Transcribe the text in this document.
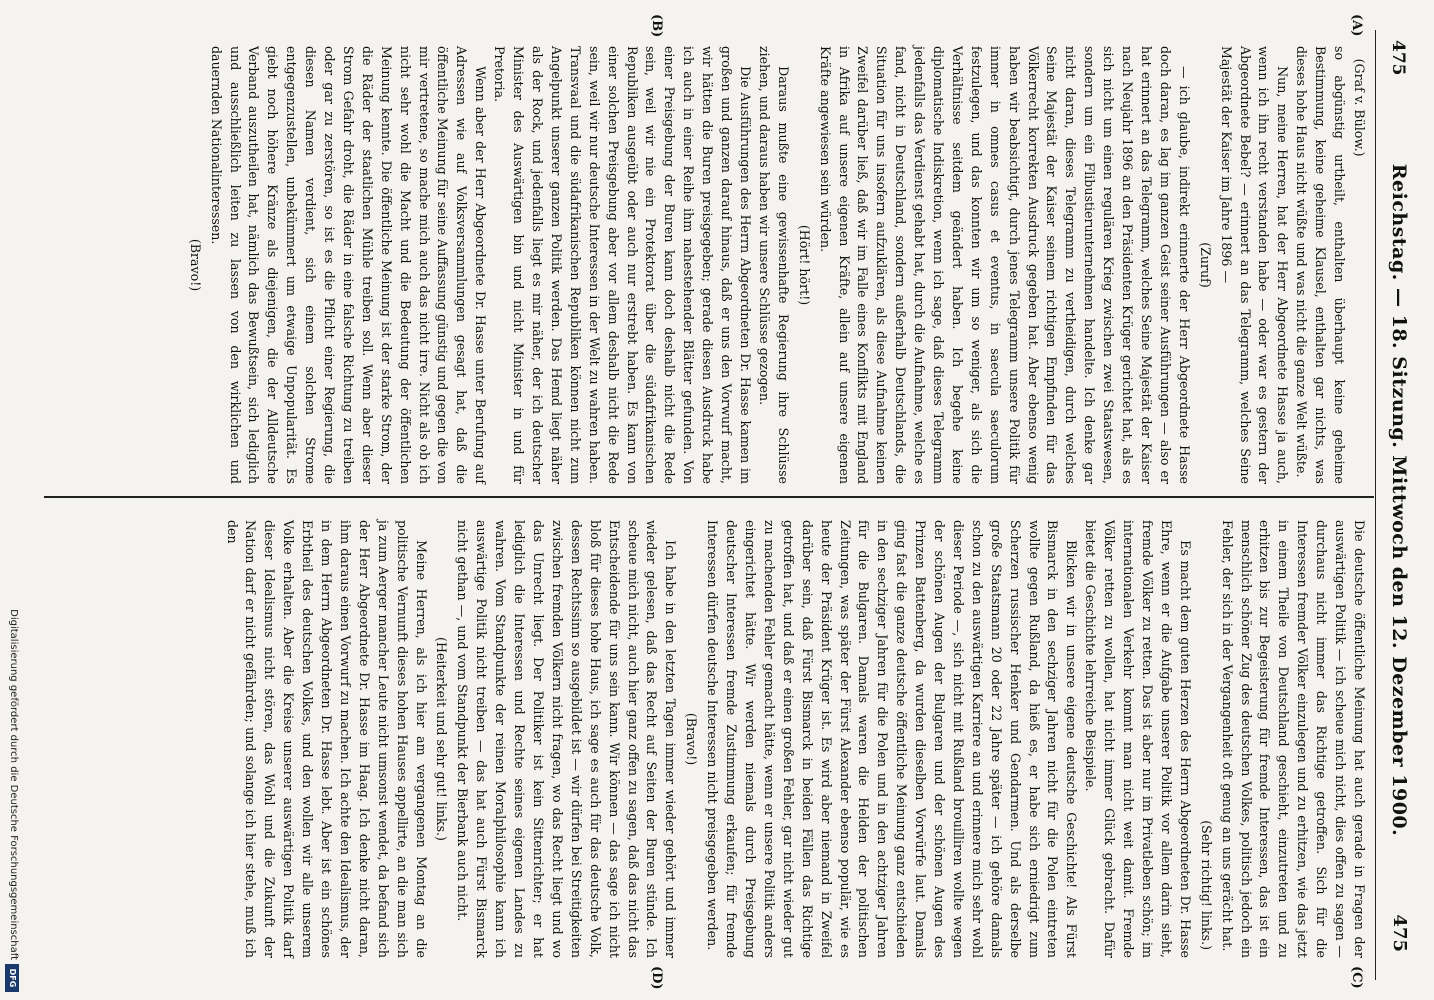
475
Reichstag. — 18. Sitzung. Mittwoch den 12. Dezember 1900.
475
(A)
(B)
(C)
(D)

(Graf v. Bülow.)

so abgünstig urtheilt, enthalten überhaupt keine geheime Bestimmung, keine geheime Klausel, enthalten gar nichts, was dieses hohe Haus nicht wüßte und was nicht die ganze Welt wüßte.

Nun, meine Herren, hat der Herr Abgeordnete Hasse ja auch, wenn ich ihn recht verstanden habe — oder war es gestern der Abgeordnete Bebel? — erinnert an das Telegramm, welches Seine Majestät der Kaiser im Jahre 1896 —

(Zuruf)

— ich glaube, indirekt erinnerte der Herr Abgeordnete Hasse doch daran, es lag im ganzen Geist seiner Ausführungen — also er hat erinnert an das Telegramm, welches Seine Majestät der Kaiser nach Neujahr 1896 an den Präsidenten Krüger gerichtet hat, als es sich nicht um einen regulären Krieg zwischen zwei Staatswesen, sondern um ein Flibustierunternehmen handelte. Ich denke gar nicht daran, dieses Telegramm zu vertheidigen, durch welches Seine Majestät der Kaiser seinem richtigen Empfinden für das Völkerrecht korrekten Ausdruck gegeben hat. Aber ebenso wenig haben wir beabsichtigt, durch jenes Telegramm unsere Politik für immer in omnes casus et eventus, in saecula saeculorum festzulegen, und das konnten wir um so weniger, als sich die Verhältnisse seitdem geändert haben. Ich begehe keine diplomatische Indiskretion, wenn ich sage, daß dieses Telegramm jedenfalls das Verdienst gehabt hat, durch die Aufnahme, welche es fand, nicht in Deutschland, sondern außerhalb Deutschlands, die Situation für uns insofern aufzuklären, als diese Aufnahme keinen Zweifel darüber ließ, daß wir im Falle eines Konflikts mit England in Afrika auf unsere eigenen Kräfte, allein auf unsere eigenen Kräfte angewiesen sein würden.

(Hört! hört!)

Daraus mußte eine gewissenhafte Regierung ihre Schlüsse ziehen, und daraus haben wir unsere Schlüsse gezogen.

Die Ausführungen des Herrn Abgeordneten Dr. Hasse kamen im großen und ganzen darauf hinaus, daß er uns den Vorwurf macht, wir hätten die Buren preisgegeben; gerade diesen Ausdruck habe ich auch in einer Reihe ihm nahestehender Blätter gefunden. Von einer Preisgebung der Buren kann doch deshalb nicht die Rede sein, weil wir nie ein Protektorat über die südafrikanischen Republiken ausgeübt oder auch nur erstrebt haben. Es kann von einer solchen Preisgebung aber vor allem deshalb nicht die Rede sein, weil wir nur deutsche Interessen in der Welt zu wahren haben. Transvaal und die südafrikanischen Republiken können nicht zum Angelpunkt unserer ganzen Politik werden. Das Hemd liegt näher als der Rock, und jedenfalls liegt es mir näher, der ich deutscher Minister des Auswärtigen bin und nicht Minister in und für Pretoria.

Wenn aber der Herr Abgeordnete Dr. Hasse unter Berufung auf Adressen wie auf Volksversammlungen gesagt hat, daß die öffentliche Meinung für seine Auffassung günstig und gegen die von mir vertretene, so mache mich auch das nicht irre. Nicht als ob ich nicht sehr wohl die Macht und die Bedeutung der öffentlichen Meinung kennte. Die öffentliche Meinung ist der starke Strom, der die Räder der staatlichen Mühle treiben soll. Wenn aber dieser Strom Gefahr droht, die Räder in eine falsche Richtung zu treiben oder gar zu zerstören, so ist es die Pflicht einer Regierung, die diesen Namen verdient, sich einem solchen Strome entgegenzustellen, unbekümmert um etwaige Unpopularität. Es giebt noch höhere Kränze als diejenigen, die der Alldeutsche Verband auszutheilen hat, nämlich das Bewußtsein, sich lediglich und ausschließlich leiten zu lassen von den wirklichen und dauernden Nationalinteressen.

(Bravo!)

Die deutsche öffentliche Meinung hat auch gerade in Fragen der auswärtigen Politik — ich scheue mich nicht, dies offen zu sagen — durchaus nicht immer das Richtige getroffen. Sich für die Interessen fremder Völker einzulegen und zu erhitzen, wie das jetzt in einem Theile von Deutschland geschieht, einzutreten und zu erhitzen bis zur Begeisterung für fremde Interessen, das ist ein menschlich schöner Zug des deutschen Volkes, politisch jedoch ein Fehler, der sich in der Vergangenheit oft genug an uns gerächt hat.

(Sehr richtig! links.)

Es macht dem guten Herzen des Herrn Abgeordneten Dr. Hasse Ehre, wenn er die Aufgabe unserer Politik vor allem darin sieht, fremde Völker zu retten. Das ist aber nur im Privatleben schön; im internationalen Verkehr kommt man nicht weit damit. Fremde Völker retten zu wollen, hat nicht immer Glück gebracht. Dafür bietet die Geschichte lehrreiche Beispiele.

Blicken wir in unsere eigene deutsche Geschichte! Als Fürst Bismarck in den sechziger Jahren nicht für die Polen eintreten wollte gegen Rußland, da hieß es, er habe sich erniedrigt zum Scherzen russischer Henker und Gendarmen. Und als derselbe große Staatsmann 20 oder 22 Jahre später — ich gehöre damals schon zu den auswärtigen Karriere an und erinnere mich sehr wohl dieser Periode —, sich nicht mit Rußland brouilliren wollte wegen der schönen Augen der Bulgaren und der schönen Augen des Prinzen Battenberg, da wurden dieselben Vorwürfe laut. Damals ging fast die ganze deutsche öffentliche Meinung ganz entschieden in den sechziger Jahren für die Polen und in den achtziger Jahren für die Bulgaren. Damals waren die Helden der politischen Zeitungen, was später der Fürst Alexander ebenso populär, wie es heute der Präsident Krüger ist. Es wird aber niemand in Zweifel darüber sein, daß Fürst Bismarck in beiden Fällen das Richtige getroffen hat, und daß er einen großen Fehler, gar nicht wieder gut zu machenden Fehler gemacht hätte, wenn er unsere Politik anders eingerichtet hätte. Wir werden niemals durch Preisgebung deutscher Interessen fremde Zustimmung erkaufen; für fremde Interessen dürfen deutsche Interessen nicht preisgegeben werden.

(Bravo!)

Ich habe in den letzten Tagen immer wieder gehört und immer wieder gelesen, daß das Recht auf Seiten der Buren stünde. Ich scheue mich nicht, auch hier ganz offen zu sagen, daß das nicht das Entscheidende für uns sein kann. Wir können — das sage ich nicht bloß für dieses hohe Haus, ich sage es auch für das deutsche Volk, dessen Rechtssinn so ausgebildet ist — wir dürfen bei Streitigkeiten zwischen fremden Völkern nicht fragen, wo das Recht liegt und wo das Unrecht liegt. Der Politiker ist kein Sittenrichter; er hat lediglich die Interessen und Rechte seines eigenen Landes zu wahren. Vom Standpunkte der reinen Moralphilosophie kann ich auswärtige Politik nicht treiben — das hat auch Fürst Bismarck nicht gethan —, und vom Standpunkt der Bierbank auch nicht.

(Heiterkeit und sehr gut! links.)

Meine Herren, als ich hier am vergangenen Montag an die politische Vernunft dieses hohen Hauses appellirte, an die man sich ja zum Aerger mancher Leute nicht umsonst wendet, da befand sich der Herr Abgeordnete Dr. Hasse im Haag. Ich denke nicht daran, ihm daraus einen Vorwurf zu machen. Ich achte den Idealismus, der in dem Herrn Abgeordneten Dr. Hasse lebt. Aber ist ein schönes Erbtheil des deutschen Volkes, und den wollen wir alle unserem Volke erhalten. Aber die Kreise unserer auswärtigen Politik darf dieser Idealismus nicht stören, das Wohl und die Zukunft der Nation darf er nicht gefährden; und solange ich hier stehe, muß ich den

Digitalisierung gefördert durch die Deutsche Forschungsgemeinschaft
DFG
